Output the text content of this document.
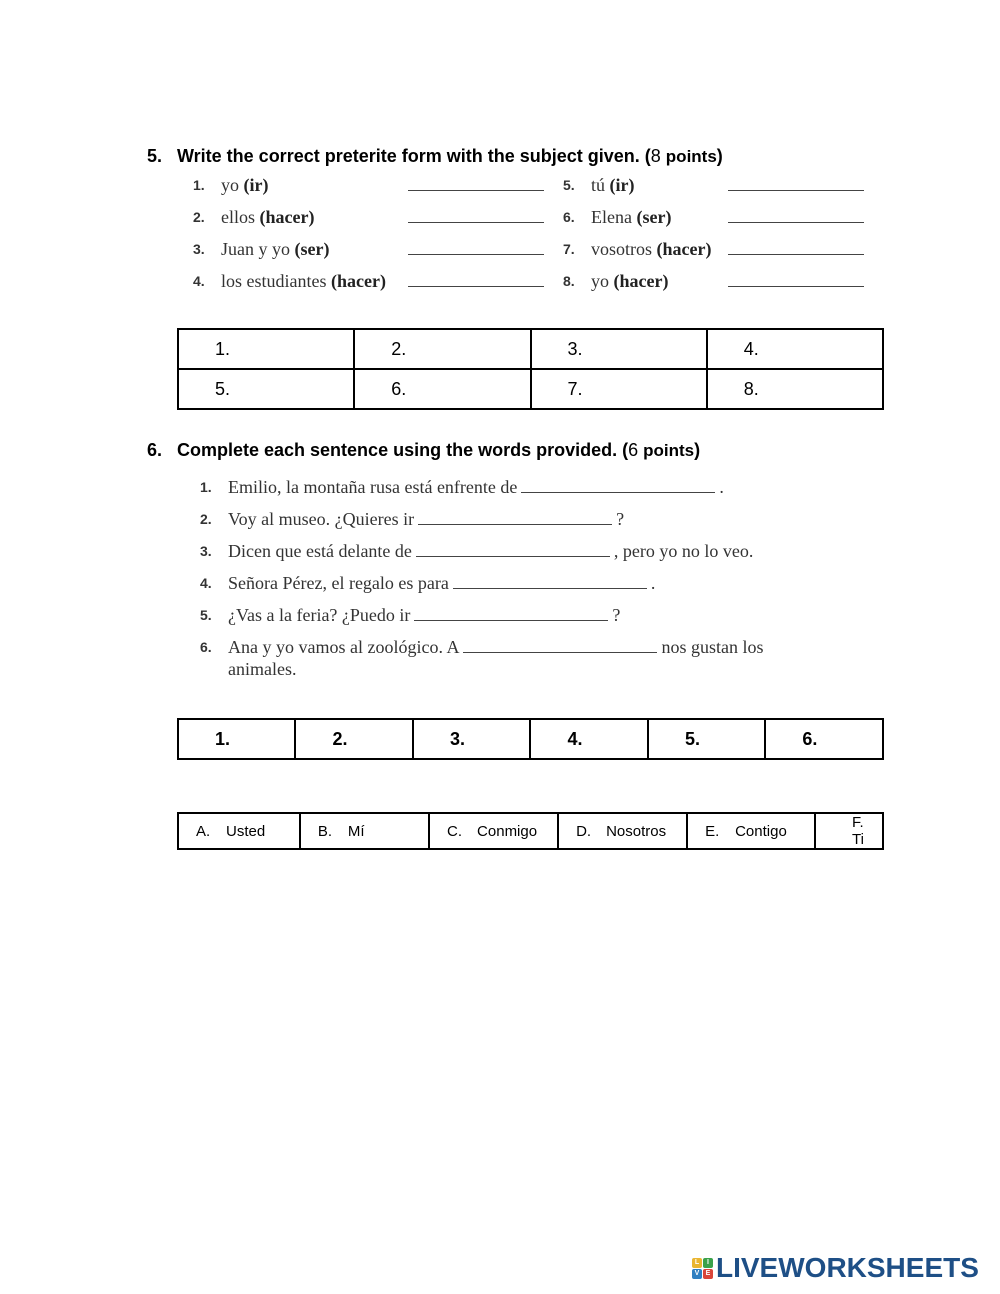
5. Write the correct preterite form with the subject given. (8 points)
1. yo (ir)
2. ellos (hacer)
3. Juan y yo (ser)
4. los estudiantes (hacer)
5. tú (ir)
6. Elena (ser)
7. vosotros (hacer)
8. yo (hacer)
1.	2.	3.	4.
5.	6.	7.	8.
6. Complete each sentence using the words provided. (6 points)
1. Emilio, la montaña rusa está enfrente de	.
2. Voy al museo. ¿Quieres ir	?
3. Dicen que está delante de	, pero yo no lo veo.
4. Señora Pérez, el regalo es para	.
5. ¿Vas a la feria? ¿Puedo ir	?
6. Ana y yo vamos al zoológico. A	nos gustan los
animales.
1.	2.	3.	4.	5.	6.
A. Usted	B. Mí	C. Conmigo	D. Nosotros	E. Contigo	F.Ti
L	I
V E LIVEWORKSHEETS
